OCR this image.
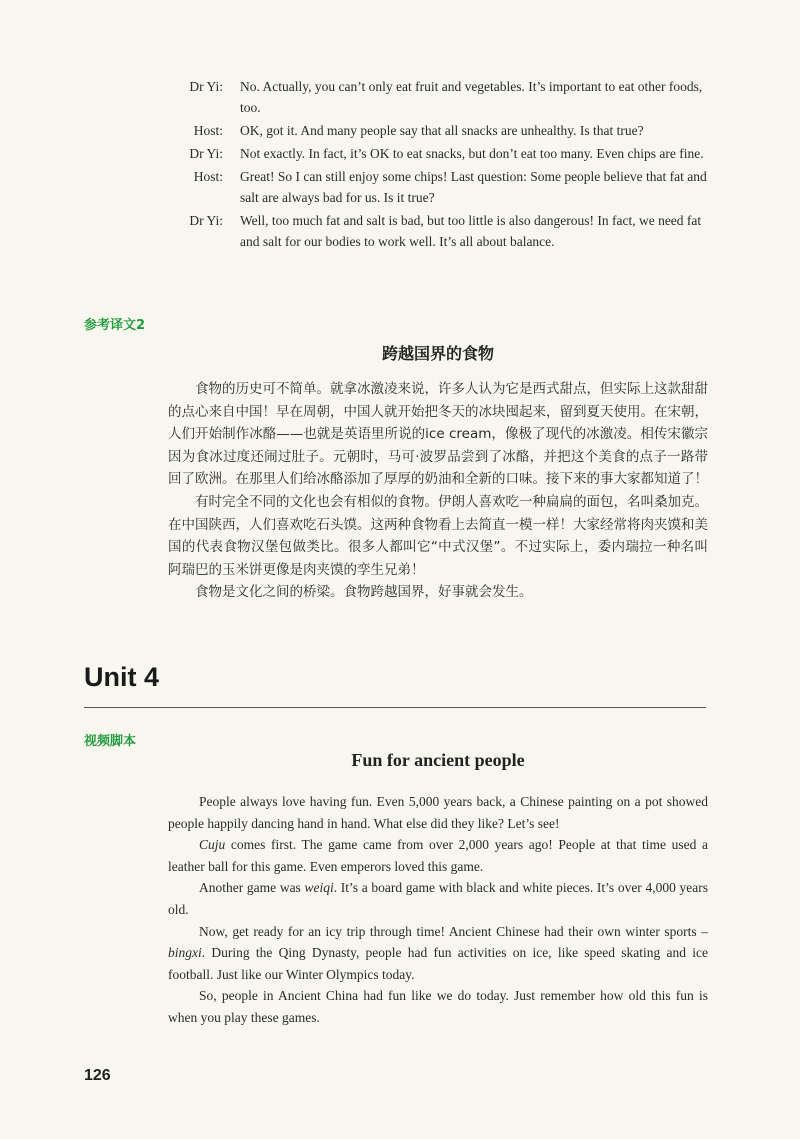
Dr Yi:	No. Actually, you can’t only eat fruit and vegetables. It’s important to eat other foods, too.
Host:	OK, got it. And many people say that all snacks are unhealthy. Is that true?
Dr Yi:	Not exactly. In fact, it’s OK to eat snacks, but don’t eat too many. Even chips are fine.
Host:	Great! So I can still enjoy some chips! Last question: Some people believe that fat and salt are always bad for us. Is it true?
Dr Yi:	Well, too much fat and salt is bad, but too little is also dangerous! In fact, we need fat and salt for our bodies to work well. It’s all about balance.
参考译文2
跨越国界的食物

食物的历史可不简单。就拿冰激凌来说，许多人认为它是西式甜点，但实际上这款甜甜的点心来自中国！早在周朝，中国人就开始把冬天的冰块囤起来，留到夏天使用。在宋朝，人们开始制作冰酪——也就是英语里所说的ice cream，像极了现代的冰激凌。相传宋徽宗因为食冰过度还闹过肚子。元朝时，马可·波罗品尝到了冰酪，并把这个美食的点子一路带回了欧洲。在那里人们给冰酪添加了厚厚的奶油和全新的口味。接下来的事大家都知道了！

有时完全不同的文化也会有相似的食物。伊朗人喜欢吃一种扁扁的面包，名叫桑加克。在中国陕西，人们喜欢吃石头馍。这两种食物看上去简直一模一样！大家经常将肉夹馍和美国的代表食物汉堡包做类比。很多人都叫它“中式汉堡”。不过实际上，委内瑞拉一种名叫阿瑞巴的玉米饼更像是肉夹馍的孪生兄弟！

食物是文化之间的桥梁。食物跨越国界，好事就会发生。

Unit 4
视频脚本
Fun for ancient people

People always love having fun. Even 5,000 years back, a Chinese painting on a pot showed people happily dancing hand in hand. What else did they like? Let’s see!

Cuju comes first. The game came from over 2,000 years ago! People at that time used a leather ball for this game. Even emperors loved this game.

Another game was weiqi. It’s a board game with black and white pieces. It’s over 4,000 years old.

Now, get ready for an icy trip through time! Ancient Chinese had their own winter sports – bingxi. During the Qing Dynasty, people had fun activities on ice, like speed skating and ice football. Just like our Winter Olympics today.

So, people in Ancient China had fun like we do today. Just remember how old this fun is when you play these games.

126
